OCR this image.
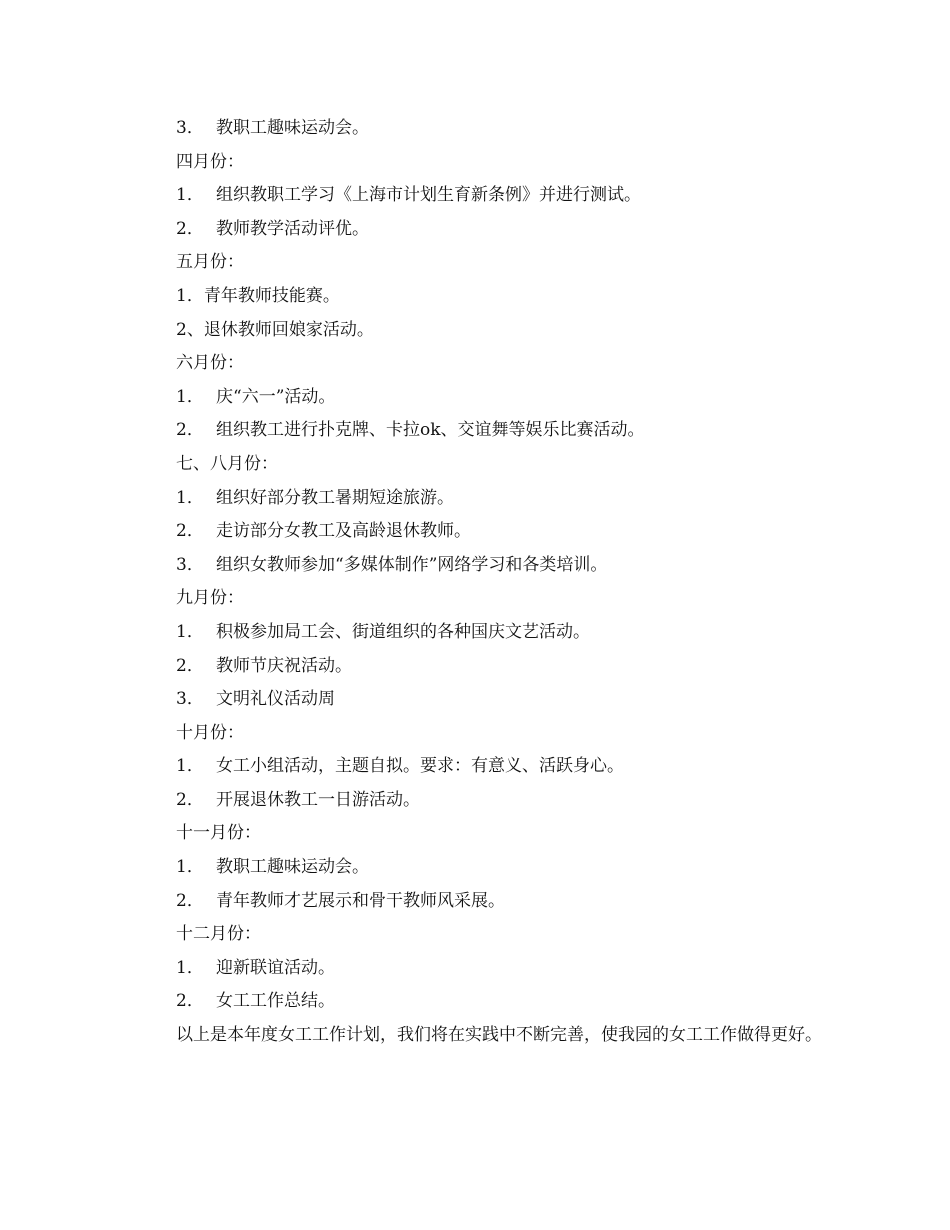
3． 教职工趣味运动会。
四月份：
1． 组织教职工学习《上海市计划生育新条例》并进行测试。
2． 教师教学活动评优。
五月份：
1．青年教师技能赛。
2、退休教师回娘家活动。
六月份：
1． 庆“六一”活动。
2． 组织教工进行扑克牌、卡拉ok、交谊舞等娱乐比赛活动。
七、八月份：
1． 组织好部分教工暑期短途旅游。
2． 走访部分女教工及高龄退休教师。
3． 组织女教师参加“多媒体制作”网络学习和各类培训。
九月份：
1． 积极参加局工会、街道组织的各种国庆文艺活动。
2． 教师节庆祝活动。
3． 文明礼仪活动周
十月份：
1． 女工小组活动，主题自拟。要求：有意义、活跃身心。
2． 开展退休教工一日游活动。
十一月份：
1． 教职工趣味运动会。
2． 青年教师才艺展示和骨干教师风采展。
十二月份：
1． 迎新联谊活动。
2． 女工工作总结。

以上是本年度女工工作计划，我们将在实践中不断完善，使我园的女工工作做得更好。
